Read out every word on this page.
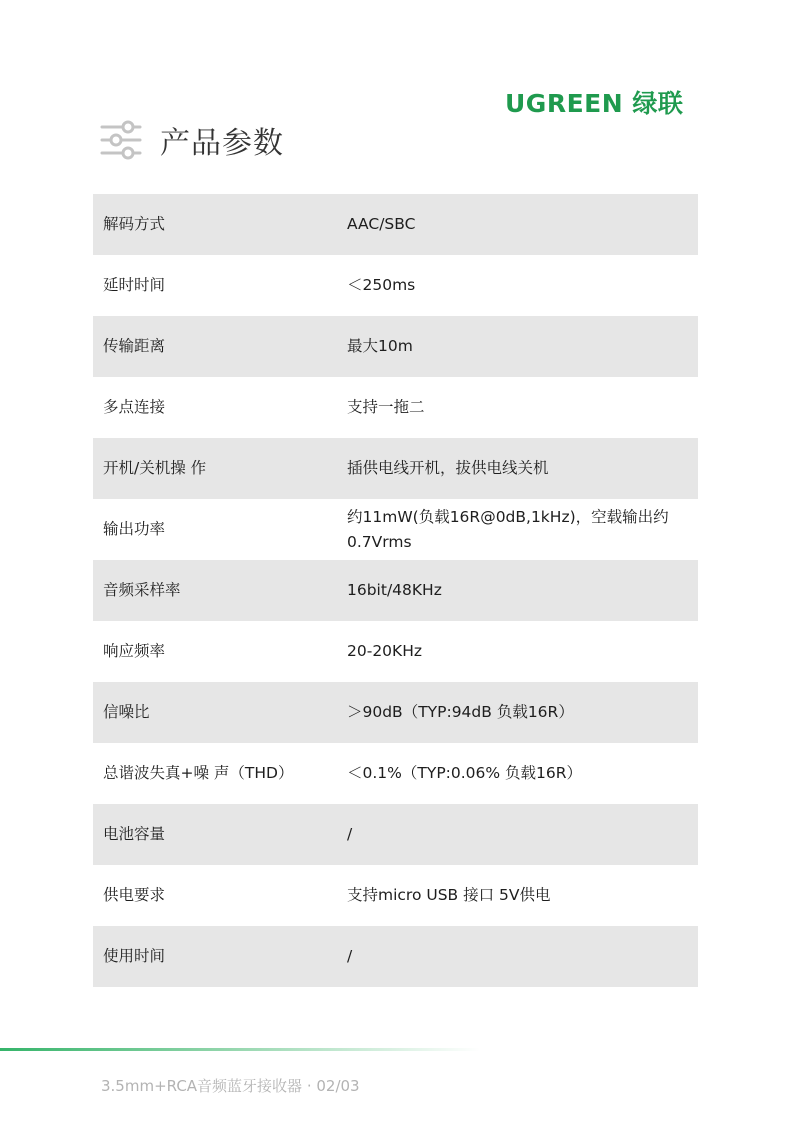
UGREEN 绿联
产品参数
解码方式	AAC/SBC
延时时间	＜250ms
传输距离	最大10m
多点连接	支持一拖二
开机/关机操 作	插供电线开机，拔供电线关机
输出功率	约11mW(负载16R@0dB,1kHz)，空载输出约0.7Vrms
音频采样率	16bit/48KHz
响应频率	20-20KHz
信噪比	＞90dB（TYP:94dB 负载16R）
总谐波失真+噪 声（THD）	＜0.1%（TYP:0.06% 负载16R）
电池容量	/
供电要求	支持micro USB 接口 5V供电
使用时间	/
3.5mm+RCA音频蓝牙接收器 · 02/03
